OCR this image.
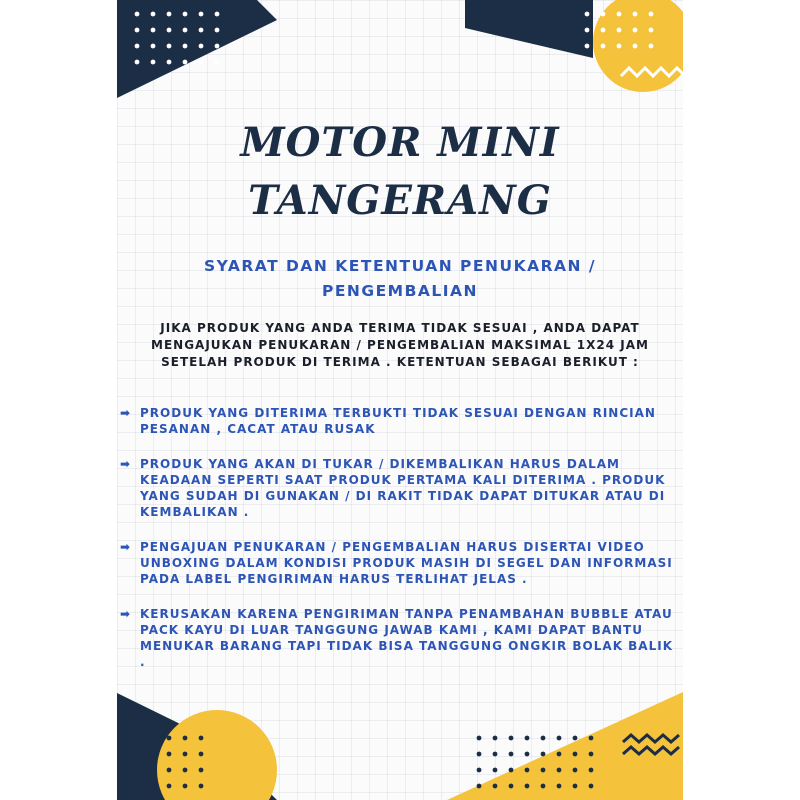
MOTOR MINI
TANGERANG
SYARAT DAN KETENTUAN PENUKARAN / PENGEMBALIAN

JIKA PRODUK YANG ANDA TERIMA TIDAK SESUAI , ANDA DAPAT MENGAJUKAN PENUKARAN / PENGEMBALIAN MAKSIMAL 1X24 JAM SETELAH PRODUK DI TERIMA . KETENTUAN SEBAGAI BERIKUT :

➡ PRODUK YANG DITERIMA TERBUKTI TIDAK SESUAI DENGAN RINCIAN PESANAN , CACAT ATAU RUSAK
➡ PRODUK YANG AKAN DI TUKAR / DIKEMBALIKAN HARUS DALAM KEADAAN SEPERTI SAAT PRODUK PERTAMA KALI DITERIMA . PRODUK YANG SUDAH DI GUNAKAN / DI RAKIT TIDAK DAPAT DITUKAR ATAU DI KEMBALIKAN .
➡ PENGAJUAN PENUKARAN / PENGEMBALIAN HARUS DISERTAI VIDEO UNBOXING DALAM KONDISI PRODUK MASIH DI SEGEL DAN INFORMASI PADA LABEL PENGIRIMAN HARUS TERLIHAT JELAS .
➡ KERUSAKAN KARENA PENGIRIMAN TANPA PENAMBAHAN BUBBLE ATAU PACK KAYU DI LUAR TANGGUNG JAWAB KAMI , KAMI DAPAT BANTU MENUKAR BARANG TAPI TIDAK BISA TANGGUNG ONGKIR BOLAK BALIK .
